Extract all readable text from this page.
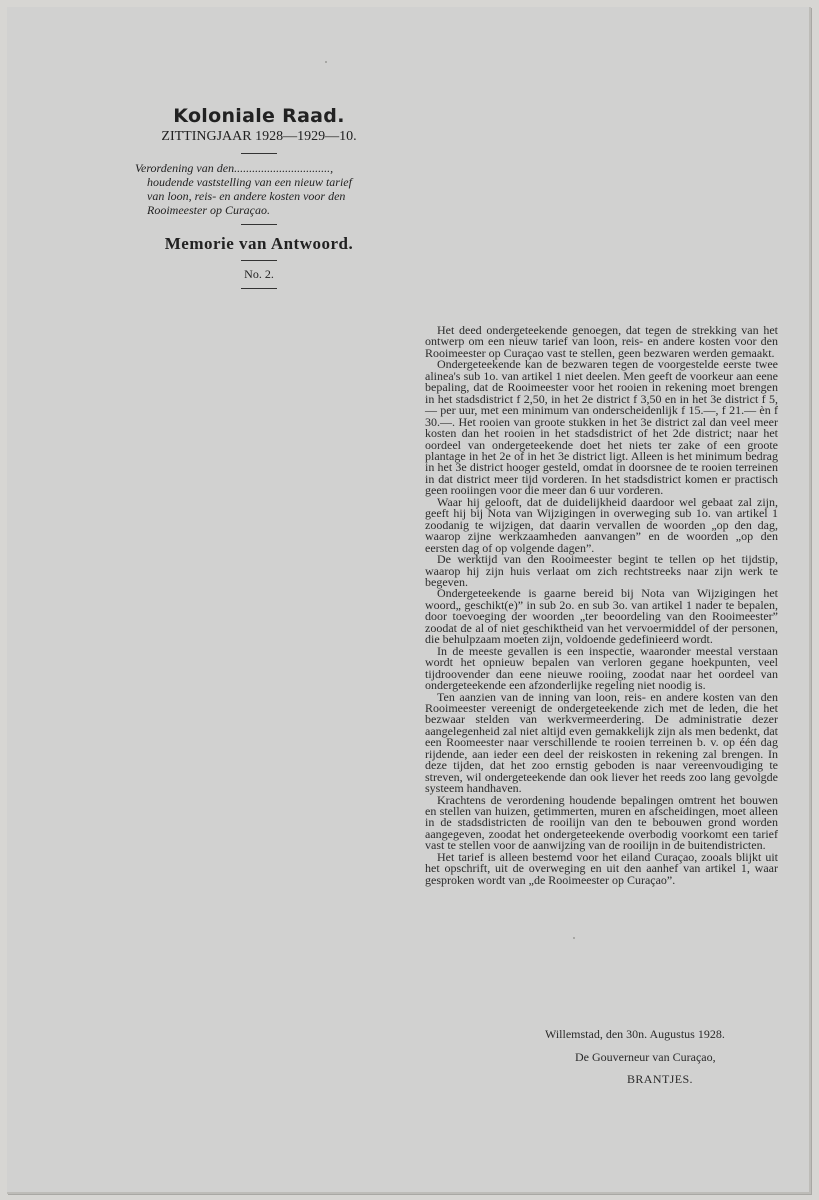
Koloniale Raad.
ZITTINGJAAR 1928—1929—10.
Verordening van den................................,
houdende vaststelling van een nieuw tarief
van loon, reis- en andere kosten voor den
Rooimeester op Curaçao.
Memorie van Antwoord.
No. 2.

Het deed ondergeteekende genoegen, dat tegen de strekking van het ontwerp om een nieuw tarief van loon, reis- en andere kosten voor den Rooimeester op Curaçao vast te stellen, geen bezwaren werden gemaakt.

Ondergeteekende kan de bezwaren tegen de voorgestelde eerste twee alinea's sub 1o. van artikel 1 niet deelen. Men geeft de voorkeur aan eene bepaling, dat de Rooimeester voor het rooien in rekening moet brengen in het stadsdistrict f 2,50, in het 2e district f 3,50 en in het 3e district f 5,— per uur, met een minimum van onderscheidenlijk f 15.—, f 21.— èn f 30.—. Het rooien van groote stukken in het 3e district zal dan veel meer kosten dan het rooien in het stadsdistrict of het 2de district; naar het oordeel van ondergeteekende doet het niets ter zake of een groote plantage in het 2e of in het 3e district ligt. Alleen is het minimum bedrag in het 3e district hooger gesteld, omdat in doorsnee de te rooien terreinen in dat district meer tijd vorderen. In het stadsdistrict komen er practisch geen rooiingen voor die meer dan 6 uur vorderen.

Waar hij gelooft, dat de duidelijkheid daardoor wel gebaat zal zijn, geeft hij bij Nota van Wijzigingen in overweging sub 1o. van artikel 1 zoodanig te wijzigen, dat daarin vervallen de woorden „op den dag, waarop zijne werkzaamheden aanvangen” en de woorden „op den eersten dag of op volgende dagen”.

De werktijd van den Rooimeester begint te tellen op het tijdstip, waarop hij zijn huis verlaat om zich rechtstreeks naar zijn werk te begeven.

Ondergeteekende is gaarne bereid bij Nota van Wijzigingen het woord„ geschikt(e)” in sub 2o. en sub 3o. van artikel 1 nader te bepalen, door toevoeging der woorden „ter beoordeling van den Rooimeester” zoodat de al of niet geschiktheid van het vervoermiddel of der personen, die behulpzaam moeten zijn, voldoende gedefinieerd wordt.

In de meeste gevallen is een inspectie, waaronder meestal verstaan wordt het opnieuw bepalen van verloren gegane hoekpunten, veel tijdroovender dan eene nieuwe rooiing, zoodat naar het oordeel van ondergeteekende een afzonderlijke regeling niet noodig is.

Ten aanzien van de inning van loon, reis- en andere kosten van den Rooimeester vereenigt de ondergeteekende zich met de leden, die het bezwaar stelden van werkvermeerdering. De administratie dezer aangelegenheid zal niet altijd even gemakkelijk zijn als men bedenkt, dat een Roomeester naar verschillende te rooien terreinen b. v. op één dag rijdende, aan ieder een deel der reiskosten in rekening zal brengen. In deze tijden, dat het zoo ernstig geboden is naar vereenvoudiging te streven, wil ondergeteekende dan ook liever het reeds zoo lang gevolgde systeem handhaven.

Krachtens de verordening houdende bepalingen omtrent het bouwen en stellen van huizen, getimmerten, muren en afscheidingen, moet alleen in de stadsdistricten de rooilijn van den te bebouwen grond worden aangegeven, zoodat het ondergeteekende overbodig voorkomt een tarief vast te stellen voor de aanwijzing van de rooilijn in de buitendistricten.

Het tarief is alleen bestemd voor het eiland Curaçao, zooals blijkt uit het opschrift, uit de overweging en uit den aanhef van artikel 1, waar gesproken wordt van „de Rooimeester op Curaçao”.

Willemstad, den 30n. Augustus 1928.
De Gouverneur van Curaçao,
BRANTJES.
